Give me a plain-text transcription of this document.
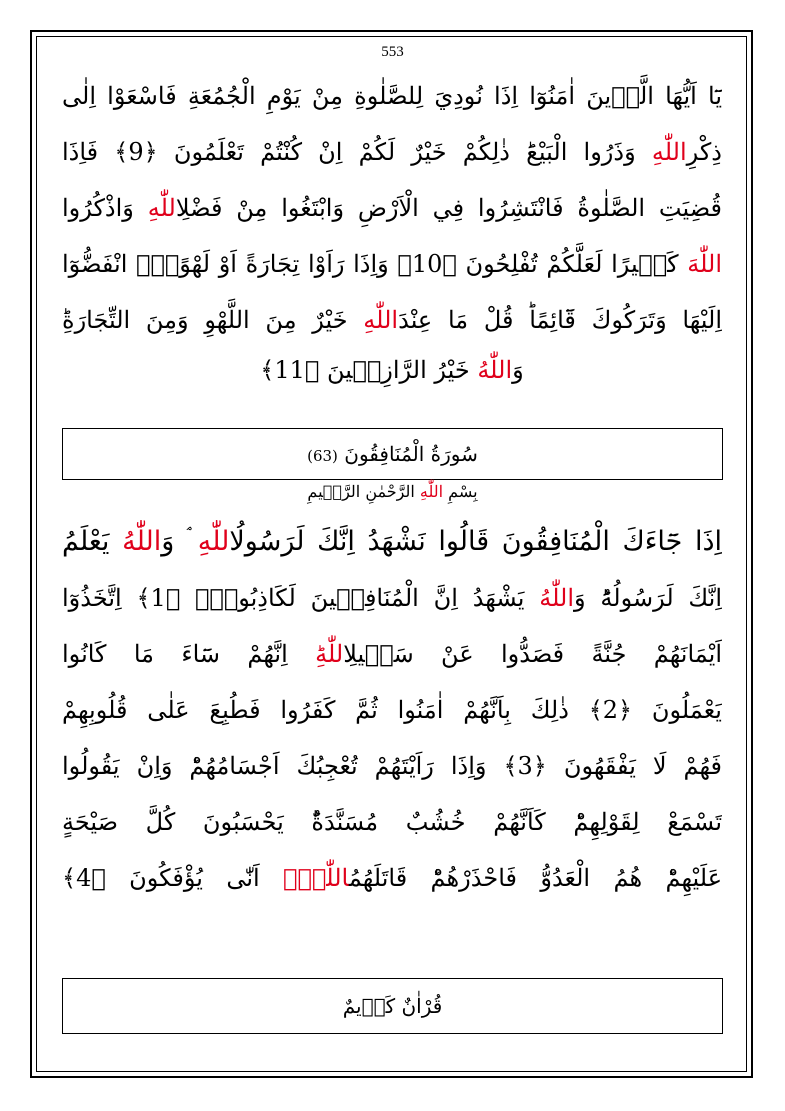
553
يَٓا اَيُّهَا الَّذٖينَ اٰمَنُوٓا اِذَا نُودِيَ لِلصَّلٰوةِ مِنْ يَوْمِ الْجُمُعَةِ فَاسْعَوْا اِلٰى
ذِكْرِاللّٰهِ وَذَرُوا الْبَيْعَؕ ذٰلِكُمْ خَيْرٌ لَكُمْ اِنْ كُنْتُمْ تَعْلَمُونَ ﴿9﴾ فَاِذَا
قُضِيَتِ الصَّلٰوةُ فَانْتَشِرُوا فِي الْاَرْضِ وَابْتَغُوا مِنْ فَضْلِاللّٰهِ وَاذْكُرُوا
اللّٰهَ كَثٖيرًا لَعَلَّكُمْ تُفْلِحُونَ ﴿10﴾ وَاِذَا رَاَوْا تِجَارَةً اَوْ لَهْوًاِۨ انْفَضُّوٓا
اِلَيْهَا وَتَرَكُوكَ قَٓائِمًاؕ قُلْ مَا عِنْدَاللّٰهِ خَيْرٌ مِنَ اللَّهْوِ وَمِنَ التِّجَارَةِؕ
وَاللّٰهُ خَيْرُ الرَّازِقٖينَ ﴿11﴾
سُورَةُ الْمُنَافِقُونَ (63)
بِسْمِ اللّٰهِ الرَّحْمٰنِ الرَّحٖيمِ
اِذَا جَٓاءَكَ الْمُنَافِقُونَ قَالُوا نَشْهَدُ اِنَّكَ لَرَسُولُاللّٰهِ ۘ وَاللّٰهُ يَعْلَمُ
اِنَّكَ لَرَسُولُهُؕ وَاللّٰهُ يَشْهَدُ اِنَّ الْمُنَافِقٖينَ لَكَاذِبُونَۚ ﴿1﴾ اِتَّخَذُوٓا
اَيْمَانَهُمْ جُنَّةً فَصَدُّوا عَنْ سَبٖيلِاللّٰهِؕ اِنَّهُمْ سَٓاءَ مَا كَانُوا
يَعْمَلُونَ ﴿2﴾ ذٰلِكَ بِاَنَّهُمْ اٰمَنُوا ثُمَّ كَفَرُوا فَطُبِعَ عَلٰى قُلُوبِهِمْ
فَهُمْ لَا يَفْقَهُونَ ﴿3﴾ وَاِذَا رَاَيْتَهُمْ تُعْجِبُكَ اَجْسَامُهُمْؕ وَاِنْ يَقُولُوا
تَسْمَعْ لِقَوْلِهِمْؕ كَاَنَّهُمْ خُشُبٌ مُسَنَّدَةٌؕ يَحْسَبُونَ كُلَّ صَيْحَةٍ
عَلَيْهِمْؕ هُمُ الْعَدُوُّ فَاحْذَرْهُمْؕ قَاتَلَهُمُاللّٰهُۘ اَنّٰى يُؤْفَكُونَ ﴿4﴾
قُرْاٰنٌ كَرٖيمٌ
